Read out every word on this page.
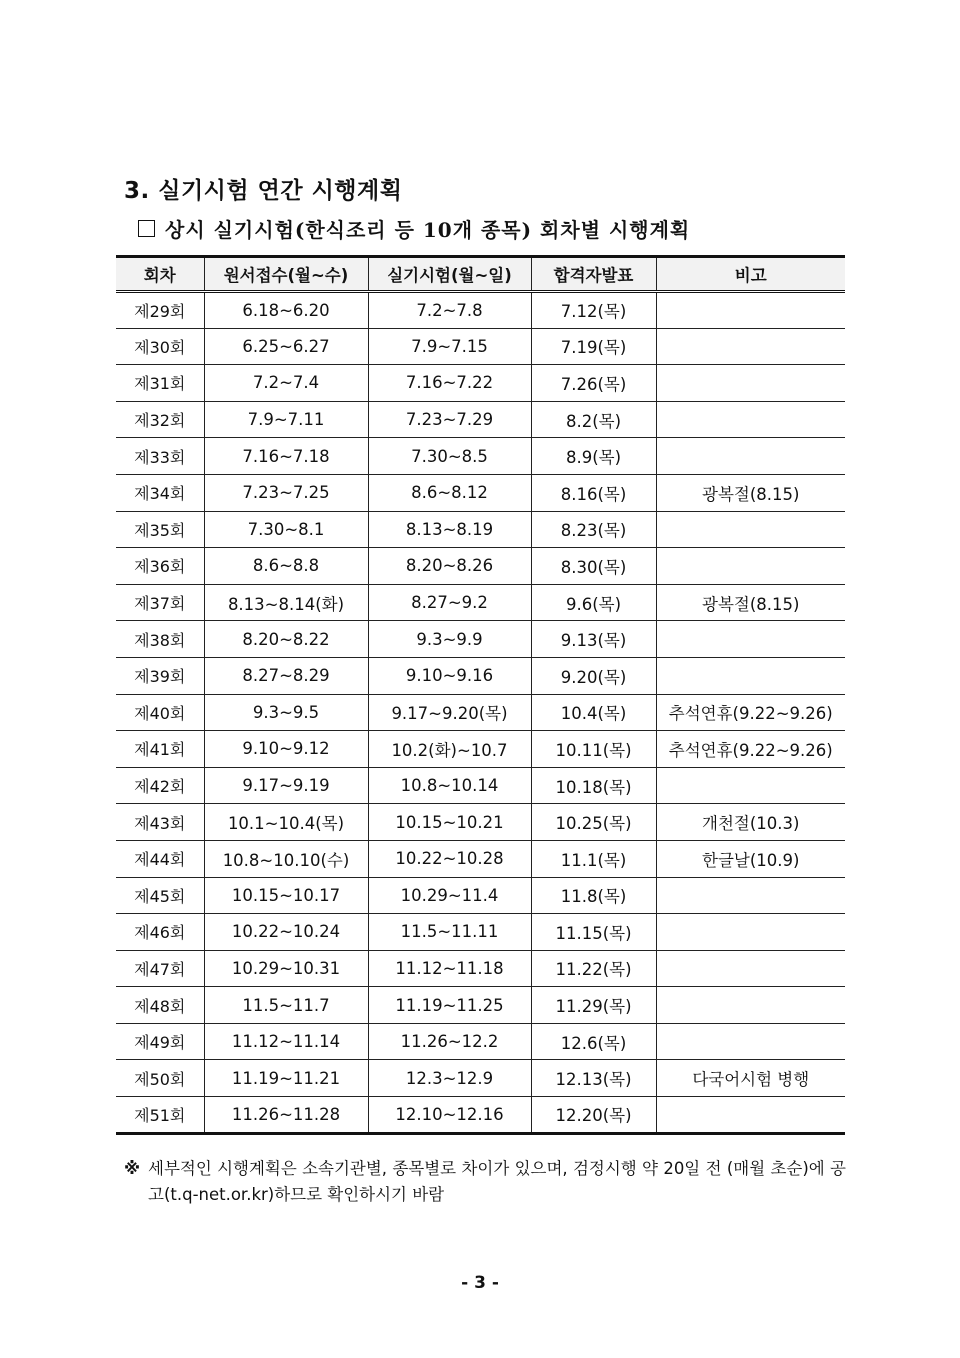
3. 실기시험 연간 시행계획
상시 실기시험(한식조리 등 10개 종목) 회차별 시행계획
회차	원서접수(월~수)	실기시험(월~일)	합격자발표	비고
제29회	6.18~6.20	7.2~7.8	7.12(목)	
제30회	6.25~6.27	7.9~7.15	7.19(목)	
제31회	7.2~7.4	7.16~7.22	7.26(목)	
제32회	7.9~7.11	7.23~7.29	8.2(목)	
제33회	7.16~7.18	7.30~8.5	8.9(목)	
제34회	7.23~7.25	8.6~8.12	8.16(목)	광복절(8.15)
제35회	7.30~8.1	8.13~8.19	8.23(목)	
제36회	8.6~8.8	8.20~8.26	8.30(목)	
제37회	8.13~8.14(화)	8.27~9.2	9.6(목)	광복절(8.15)
제38회	8.20~8.22	9.3~9.9	9.13(목)	
제39회	8.27~8.29	9.10~9.16	9.20(목)	
제40회	9.3~9.5	9.17~9.20(목)	10.4(목)	추석연휴(9.22~9.26)
제41회	9.10~9.12	10.2(화)~10.7	10.11(목)	추석연휴(9.22~9.26)
제42회	9.17~9.19	10.8~10.14	10.18(목)	
제43회	10.1~10.4(목)	10.15~10.21	10.25(목)	개천절(10.3)
제44회	10.8~10.10(수)	10.22~10.28	11.1(목)	한글날(10.9)
제45회	10.15~10.17	10.29~11.4	11.8(목)	
제46회	10.22~10.24	11.5~11.11	11.15(목)	
제47회	10.29~10.31	11.12~11.18	11.22(목)	
제48회	11.5~11.7	11.19~11.25	11.29(목)	
제49회	11.12~11.14	11.26~12.2	12.6(목)	
제50회	11.19~11.21	12.3~12.9	12.13(목)	다국어시험 병행
제51회	11.26~11.28	12.10~12.16	12.20(목)	
※ 세부적인 시행계획은 소속기관별, 종목별로 차이가 있으며, 검정시행 약 20일 전 (매월 초순)에 공고(t.q-net.or.kr)하므로 확인하시기 바람
- 3 -
